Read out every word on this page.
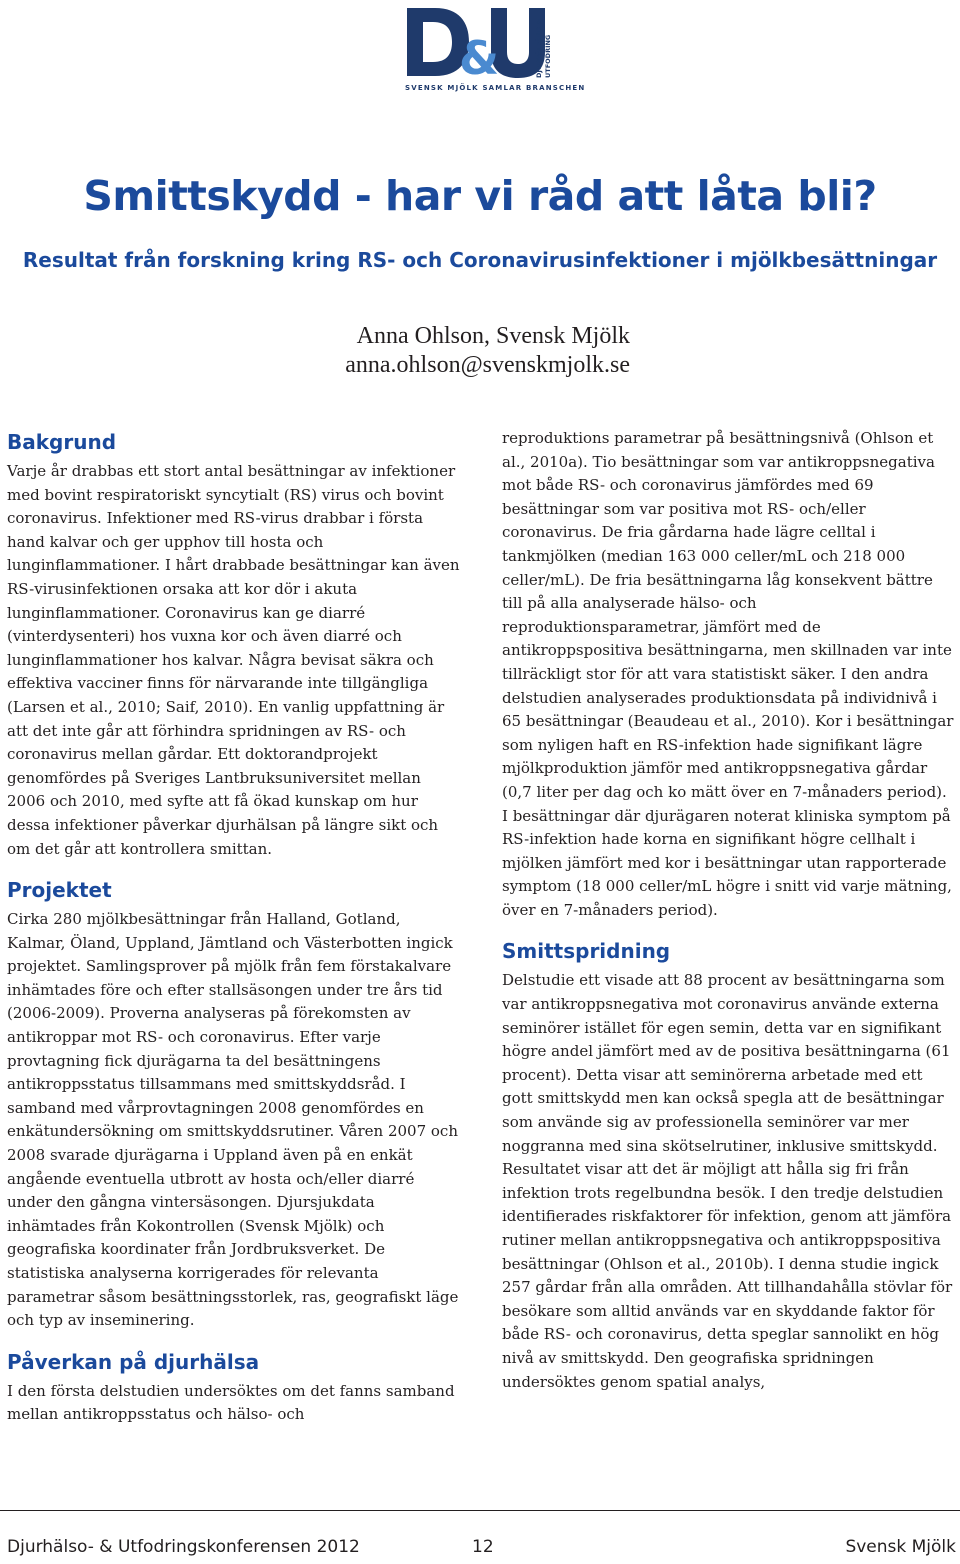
&	DJURVÄLFÄRD & UTFODRING
SVENSK MJÖLK SAMLAR BRANSCHEN
Smittskydd - har vi råd att låta bli?
Resultat från forskning kring RS- och Coronavirusinfektioner i mjölkbesättningar
Anna Ohlson, Svensk Mjölk
anna.ohlson@svenskmjolk.se
Bakgrund

Varje år drabbas ett stort antal besättningar av infektioner med bovint respiratoriskt syncytialt (RS) virus och bovint coronavirus. Infektioner med RS-virus drabbar i första hand kalvar och ger upphov till hosta och lunginflammationer. I hårt drabbade besättningar kan även RS-virusinfektionen orsaka att kor dör i akuta lunginflammationer. Coronavirus kan ge diarré (vinterdysenteri) hos vuxna kor och även diarré och lunginflammationer hos kalvar. Några bevisat säkra och effektiva vacciner finns för närvarande inte tillgängliga (Larsen et al., 2010; Saif, 2010). En vanlig uppfattning är att det inte går att förhindra spridningen av RS- och coronavirus mellan gårdar. Ett doktorandprojekt genomfördes på Sveriges Lantbruksuniversitet mellan 2006 och 2010, med syfte att få ökad kunskap om hur dessa infektioner påverkar djurhälsan på längre sikt och om det går att kontrollera smittan.

Projektet

Cirka 280 mjölkbesättningar från Halland, Gotland, Kalmar, Öland, Uppland, Jämtland och Västerbotten ingick projektet. Samlingsprover på mjölk från fem förstakalvare inhämtades före och efter stallsäsongen under tre års tid (2006-2009). Proverna analyseras på förekomsten av antikroppar mot RS- och coronavirus. Efter varje provtagning fick djurägarna ta del besättningens antikroppsstatus tillsammans med smittskyddsråd. I samband med vårprovtagningen 2008 genomfördes en enkätundersökning om smittskyddsrutiner. Våren 2007 och 2008 svarade djurägarna i Uppland även på en enkät angående eventuella utbrott av hosta och/eller diarré under den gångna vintersäsongen. Djursjukdata inhämtades från Kokontrollen (Svensk Mjölk) och geografiska koordinater från Jordbruksverket. De statistiska analyserna korrigerades för relevanta parametrar såsom besättningsstorlek, ras, geografiskt läge och typ av inseminering.

Påverkan på djurhälsa

I den första delstudien undersöktes om det fanns samband mellan antikroppsstatus och hälso- och

reproduktions parametrar på besättningsnivå (Ohlson et al., 2010a). Tio besättningar som var antikroppsnegativa mot både RS- och coronavirus jämfördes med 69 besättningar som var positiva mot RS- och/eller coronavirus. De fria gårdarna hade lägre celltal i tankmjölken (median 163 000 celler/mL och 218 000 celler/mL). De fria besättningarna låg konsekvent bättre till på alla analyserade hälso- och reproduktionsparametrar, jämfört med de antikroppspositiva besättningarna, men skillnaden var inte tillräckligt stor för att vara statistiskt säker. I den andra delstudien analyserades produktionsdata på individnivå i 65 besättningar (Beaudeau et al., 2010). Kor i besättningar som nyligen haft en RS-infektion hade signifikant lägre mjölkproduktion jämför med antikroppsnegativa gårdar (0,7 liter per dag och ko mätt över en 7-månaders period). I besättningar där djurägaren noterat kliniska symptom på RS-infektion hade korna en signifikant högre cellhalt i mjölken jämfört med kor i besättningar utan rapporterade symptom (18 000 celler/mL högre i snitt vid varje mätning, över en 7-månaders period).

Smittspridning

Delstudie ett visade att 88 procent av besättningarna som var antikroppsnegativa mot coronavirus använde externa seminörer istället för egen semin, detta var en signifikant högre andel jämfört med av de positiva besättningarna (61 procent). Detta visar att seminörerna arbetade med ett gott smittskydd men kan också spegla att de besättningar som använde sig av professionella seminörer var mer noggranna med sina skötselrutiner, inklusive smittskydd. Resultatet visar att det är möjligt att hålla sig fri från infektion trots regelbundna besök. I den tredje delstudien identifierades riskfaktorer för infektion, genom att jämföra rutiner mellan antikroppsnegativa och antikroppspositiva besättningar (Ohlson et al., 2010b). I denna studie ingick 257 gårdar från alla områden. Att tillhandahålla stövlar för besökare som alltid används var en skyddande faktor för både RS- och coronavirus, detta speglar sannolikt en hög nivå av smittskydd. Den geografiska spridningen undersöktes genom spatial analys,

Djurhälso- & Utfodringskonferensen 2012	12	Svensk Mjölk
